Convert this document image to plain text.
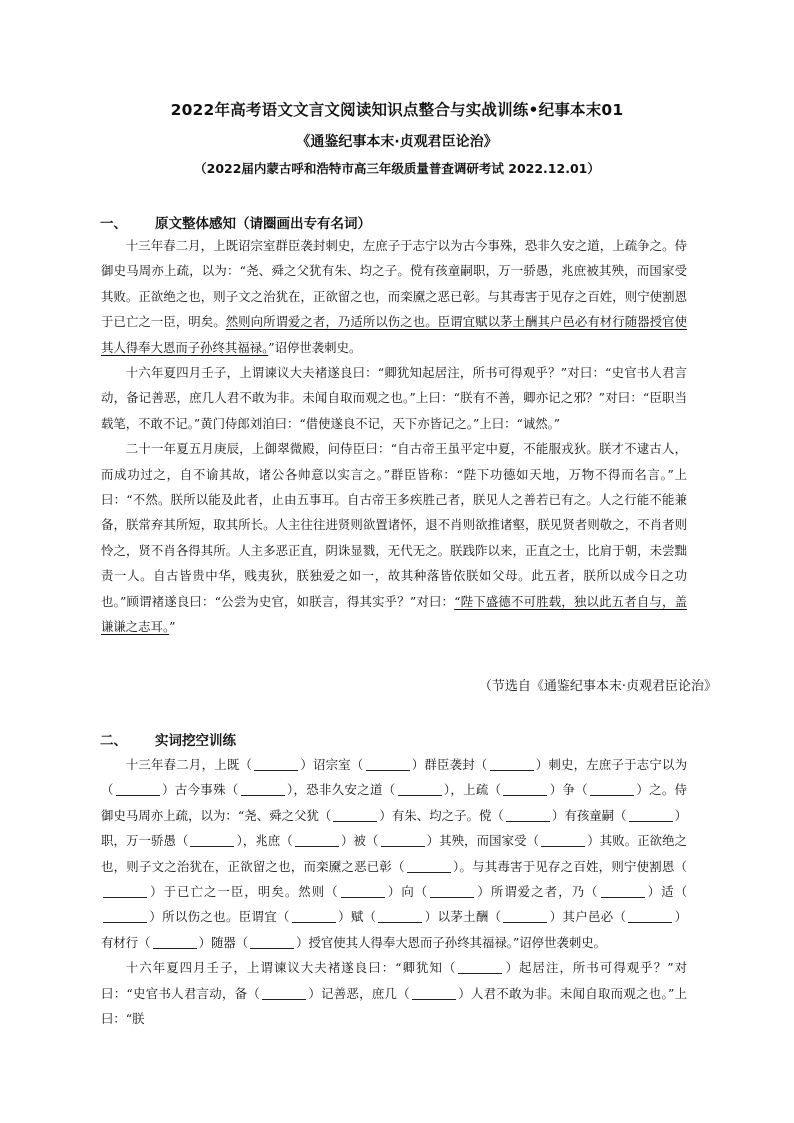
2022年高考语文文言文阅读知识点整合与实战训练•纪事本末01
《通鉴纪事本末·贞观君臣论治》
（2022届内蒙古呼和浩特市高三年级质量普查调研考试 2022.12.01）
一、 原文整体感知（请圈画出专有名词）

十三年春二月，上既诏宗室群臣袭封刺史，左庶子于志宁以为古今事殊，恐非久安之道，上疏争之。侍御史马周亦上疏，以为：“尧、舜之父犹有朱、均之子。傥有孩童嗣职，万一骄愚，兆庶被其殃，而国家受其败。正欲绝之也，则子文之治犹在，正欲留之也，而栾黡之恶已彰。与其毒害于见存之百姓，则宁使割恩于已亡之一臣，明矣。然则向所谓爱之者，乃适所以伤之也。臣谓宜赋以茅土酬其户邑必有材行随器授官使其人得奉大恩而子孙终其福禄。”诏停世袭刺史。

十六年夏四月壬子，上谓谏议大夫褚遂良曰：“卿犹知起居注，所书可得观乎？”对曰：“史官书人君言动，备记善恶，庶几人君不敢为非。未闻自取而观之也。”上曰：“朕有不善，卿亦记之邪？”对曰：“臣职当载笔，不敢不记。”黄门侍郎刘洎曰：“借使遂良不记，天下亦皆记之。”上曰：“诚然。”

二十一年夏五月庚辰，上御翠微殿，问侍臣曰：“自古帝王虽平定中夏，不能服戎狄。朕才不逮古人，而成功过之，自不谕其故，诸公各帅意以实言之。”群臣皆称：“陛下功德如天地，万物不得而名言。”上曰：“不然。朕所以能及此者，止由五事耳。自古帝王多疾胜己者，朕见人之善若已有之。人之行能不能兼备，朕常弃其所短，取其所长。人主往往进贤则欲置诸怀，退不肖则欲推诸壑，朕见贤者则敬之，不肖者则怜之，贤不肖各得其所。人主多恶正直，阴诛显戮，无代无之。朕践阼以来，正直之士，比肩于朝，未尝黜责一人。自古皆贵中华，贱夷狄，朕独爱之如一，故其种落皆依朕如父母。此五者，朕所以成今日之功也。”顾谓褚遂良曰：“公尝为史官，如朕言，得其实乎？”对曰：“陛下盛德不可胜载，独以此五者自与，盖谦谦之志耳。”

（节选自《通鉴纪事本末·贞观君臣论治》
二、 实词挖空训练

十三年春二月，上既（	）诏宗室（	）群臣袭封（	）刺史，左庶子于志宁以为（	）古今事殊（	），恐非久安之道（	），上疏（	）争（	）之。侍御史马周亦上疏，以为：“尧、舜之父犹（	）有朱、均之子。傥（	）有孩童嗣（	）职，万一骄愚（	），兆庶（	）被（	）其殃，而国家受（	）其败。正欲绝之也，则子文之治犹在，正欲留之也，而栾黡之恶已彰（	）。与其毒害于见存之百姓，则宁使割恩（）于已亡之一臣，明矣。然则（	）向（	）所谓爱之者，乃（	）适（）所以伤之也。臣谓宜（	）赋（	）以茅土酬（	）其户邑必（	）有材行（	）随器（	）授官使其人得奉大恩而子孙终其福禄。”诏停世袭刺史。

十六年夏四月壬子，上谓谏议大夫褚遂良曰：“卿犹知（	）起居注，所书可得观乎？”对曰：“史官书人君言动，备（	）记善恶，庶几（	）人君不敢为非。未闻自取而观之也。”上曰：“朕
